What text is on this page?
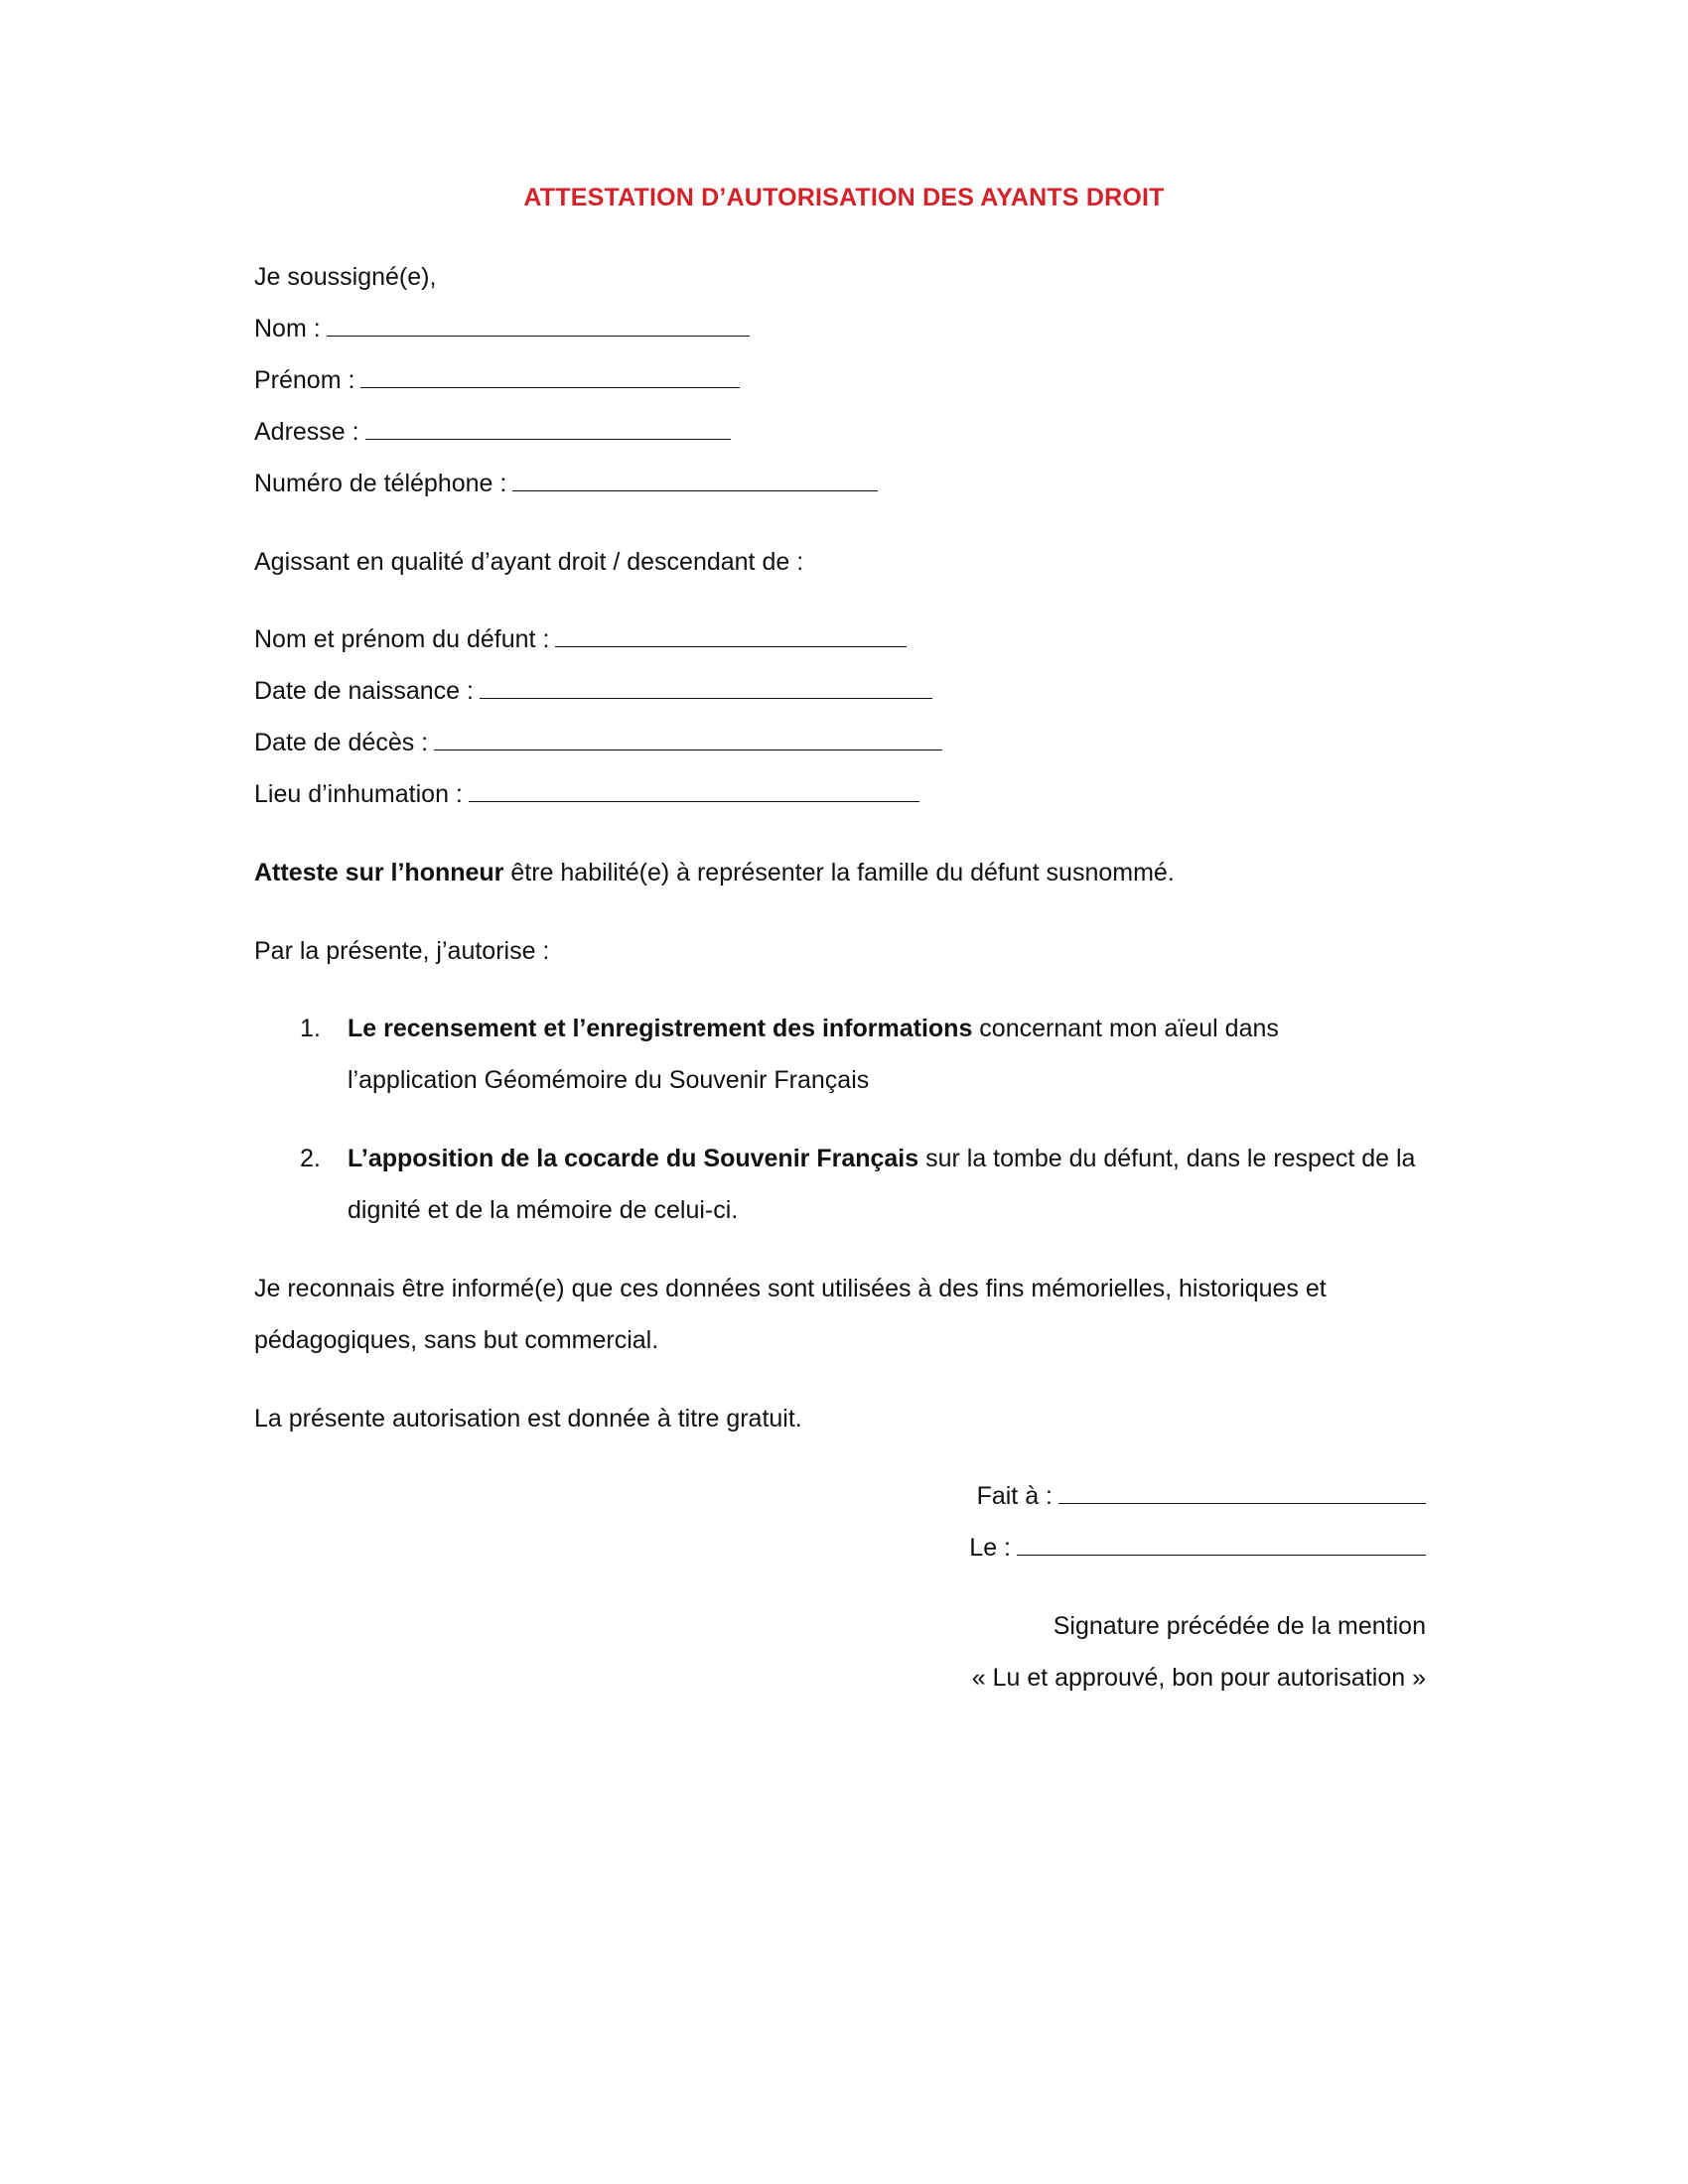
ATTESTATION D’AUTORISATION DES AYANTS DROIT
Je soussigné(e),
Nom :
Prénom :
Adresse :
Numéro de téléphone :
Agissant en qualité d’ayant droit / descendant de :
Nom et prénom du défunt :
Date de naissance :
Date de décès :
Lieu d’inhumation :
Atteste sur l’honneur être habilité(e) à représenter la famille du défunt susnommé.
Par la présente, j’autorise :
1. Le recensement et l’enregistrement des informations concernant mon aïeul dans
l’application Géomémoire du Souvenir Français
2. L’apposition de la cocarde du Souvenir Français sur la tombe du défunt, dans le respect de la
dignité et de la mémoire de celui-ci.
Je reconnais être informé(e) que ces données sont utilisées à des fins mémorielles, historiques et
pédagogiques, sans but commercial.
La présente autorisation est donnée à titre gratuit.
Fait à :
Le :
Signature précédée de la mention
« Lu et approuvé, bon pour autorisation »
